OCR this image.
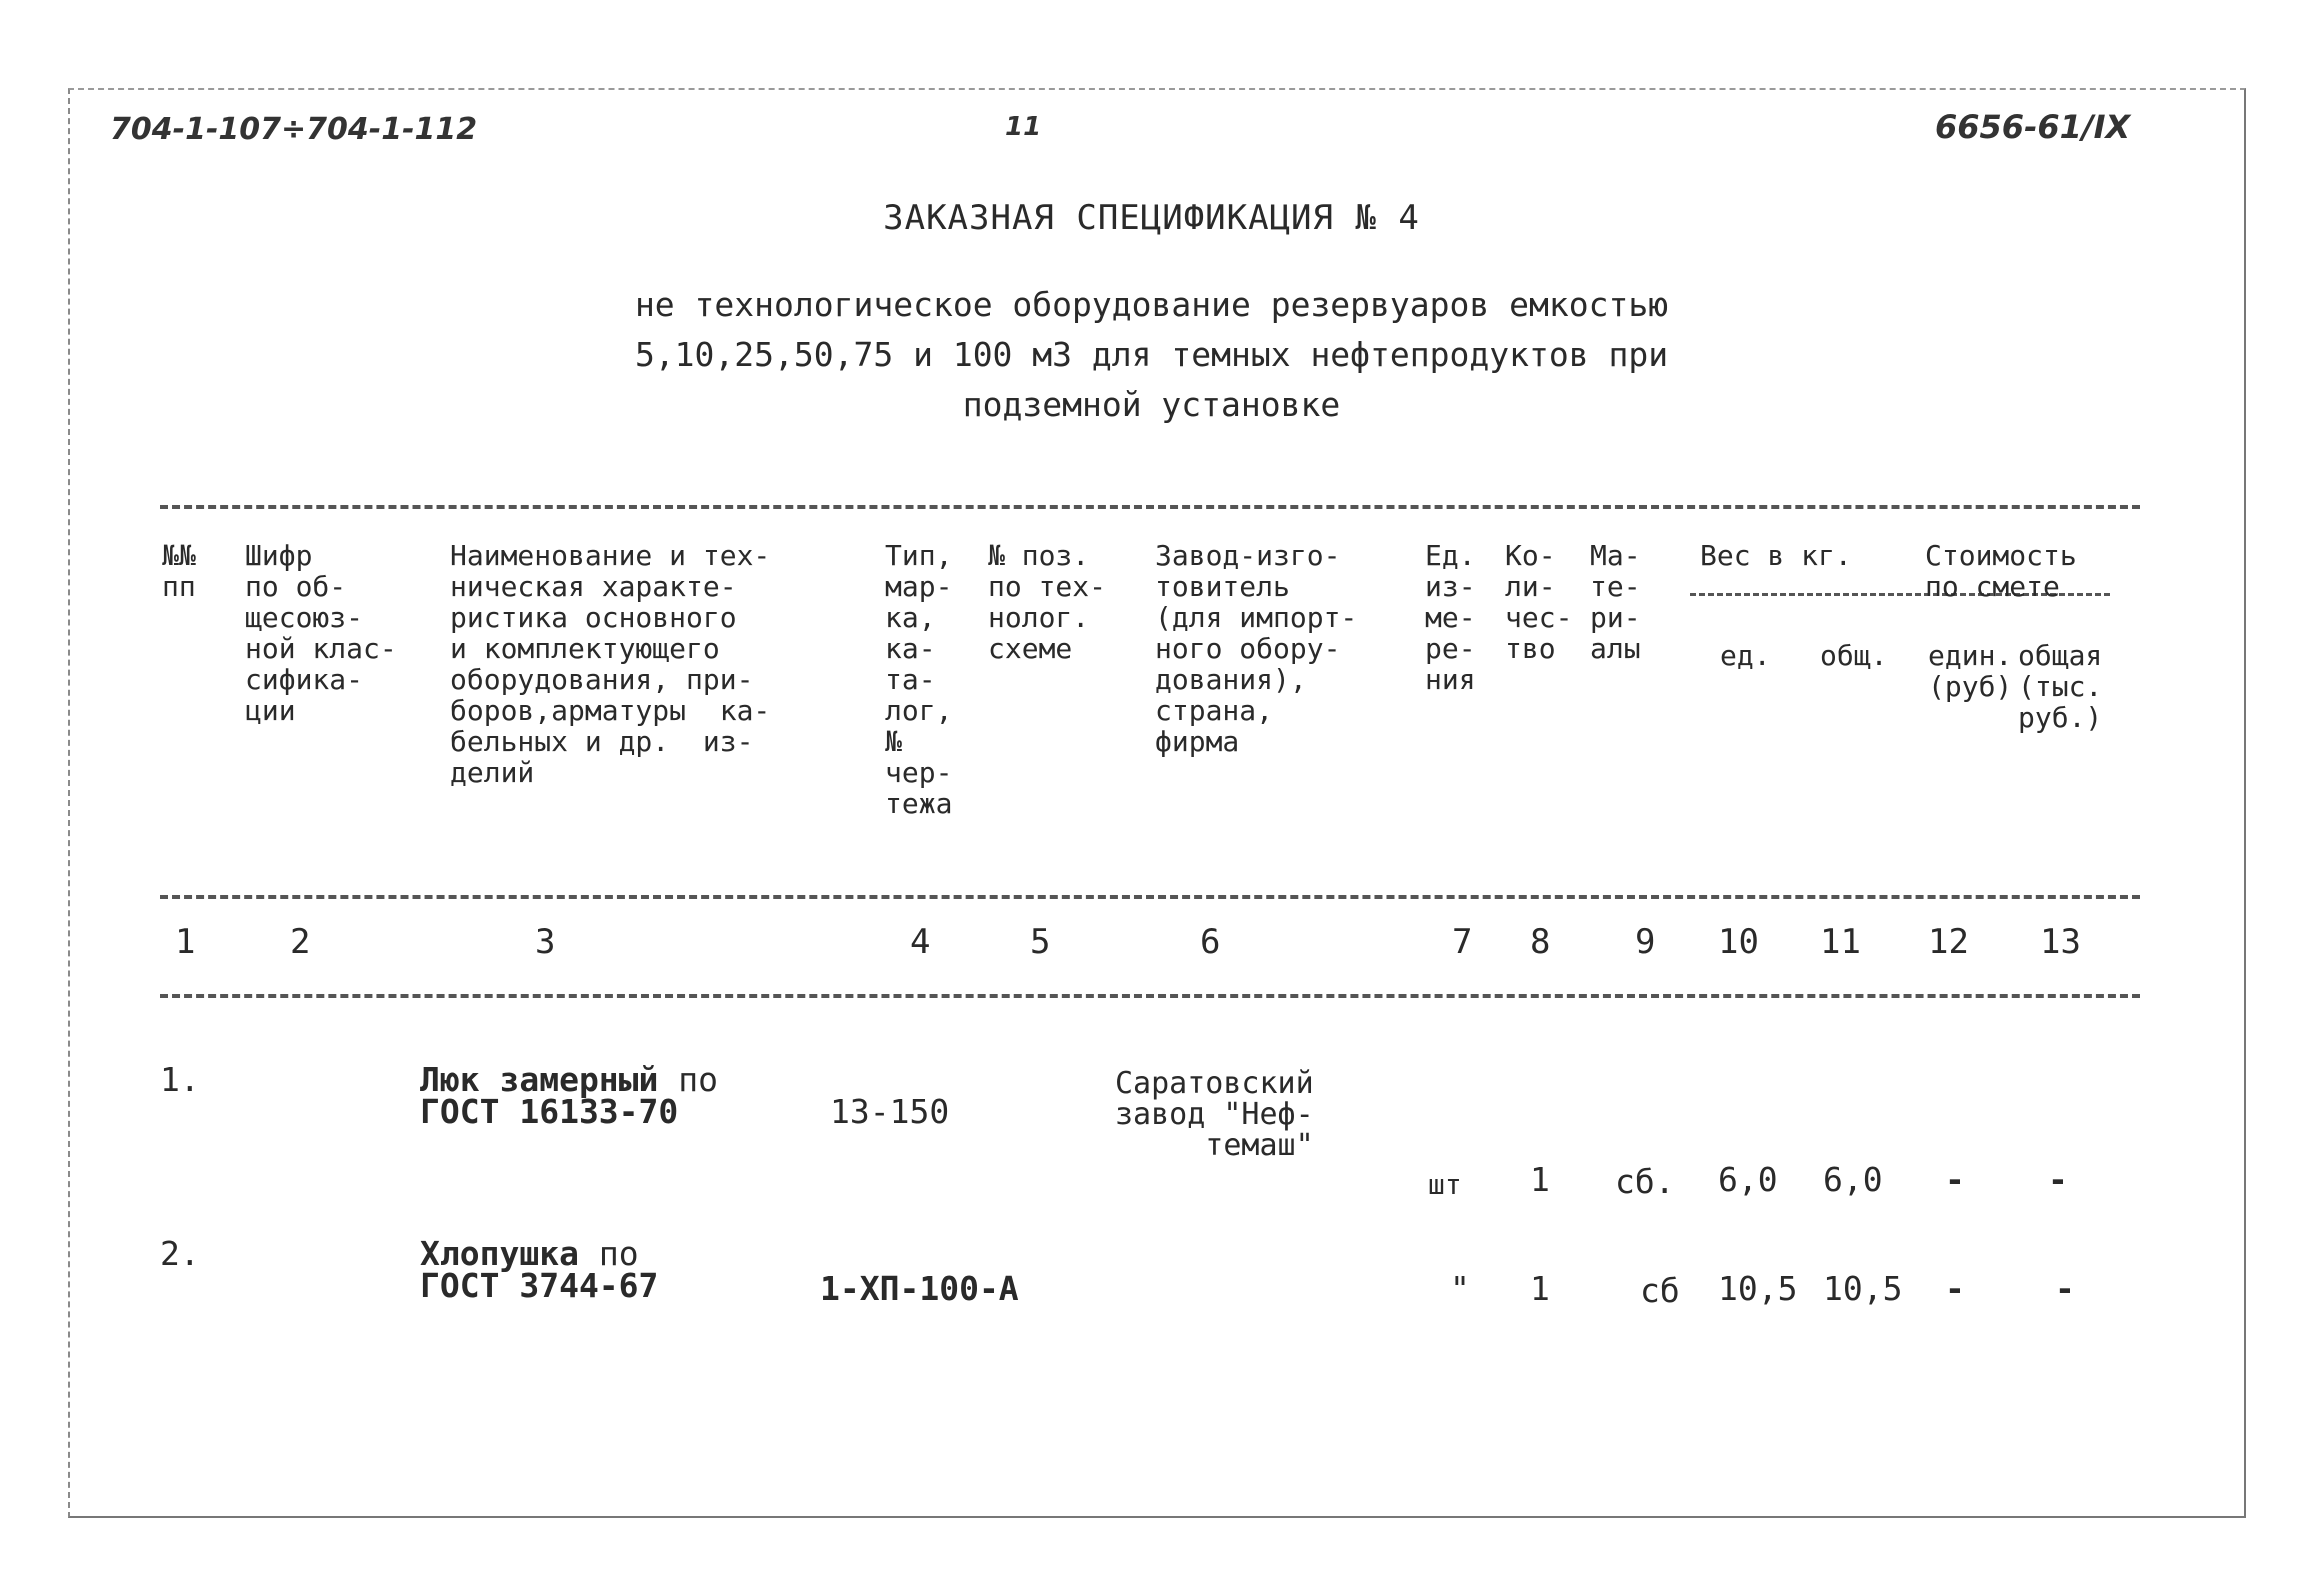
704-1-107÷704-1-112	11	6656-61/IX
ЗАКАЗНАЯ СПЕЦИФИКАЦИЯ № 4
не технологическое оборудование резервуаров емкостью
5,10,25,50,75 и 100 м3 для темных нефтепродуктов при
подземной установке
№№
пп
Шифр
по об-
щесоюз-
ной клас-
сифика-
ции
Наименование и тех-
ническая характе-
ристика основного
и комплектующего
оборудования, при-
боров,арматуры  ка-
бельных и др.  из-
делий
Тип,
мар-
ка,
ка-
та-
лог,
№
чер-
тежа
№ поз.
по тех-
нолог.
схеме
Завод-изго-
товитель
(для импорт-
ного обору-
дования),
страна,
фирма
Ед.
из-
ме-
ре-
ния
Ко-
ли-
чес-
тво
Ма-
те-
ри-
алы
Вес в кг.
ед. общ.
Стоимость
по смете
един.
(руб)
общая
(тыс.
руб.)
1	2	3	4	5	6	7 8 9 10 11 12 13
1.	Люк замерный по
ГОСТ 16133-70	13-150
Саратовский
завод "Неф-
темаш"
шт 1 сб. 6,0 6,0 -	-
2.	Хлопушка по
ГОСТ 3744-67	1-ХП-100-А	" 1	сб 10,5 10,5 -	-
